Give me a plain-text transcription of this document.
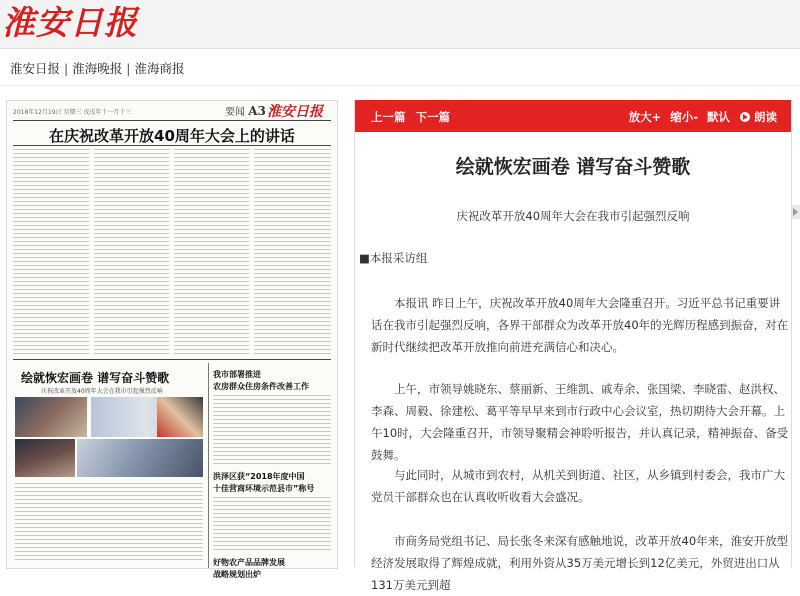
淮安日报
淮安日报 | 淮海晚报 | 淮海商报
2018年12月19日 星期三 戊戌年十一月十三	要闻 A3 淮安日报
在庆祝改革开放40周年大会上的讲话
绘就恢宏画卷 谱写奋斗赞歌
庆祝改革开放40周年大会在我市引起强烈反响
我市部署推进
农房群众住房条件改善工作
洪泽区获“2018年度中国
十佳营商环境示范县市”称号
好物农产品品牌发展
战略规划出炉
上一篇 下一篇	放大+ 缩小- 默认 朗读
绘就恢宏画卷 谱写奋斗赞歌
庆祝改革开放40周年大会在我市引起强烈反响
■本报采访组

本报讯 昨日上午，庆祝改革开放40周年大会隆重召开。习近平总书记重要讲话在我市引起强烈反响，各界干部群众为改革开放40年的光辉历程感到振奋，对在新时代继续把改革开放推向前进充满信心和决心。

上午，市领导姚晓东、蔡丽新、王维凯、戚寿余、张国梁、李晓雷、赵洪权、李森、周毅、徐建松、葛平等早早来到市行政中心会议室，热切期待大会开幕。上午10时，大会隆重召开，市领导聚精会神聆听报告，并认真记录，精神振奋、备受鼓舞。

与此同时，从城市到农村，从机关到街道、社区，从乡镇到村委会，我市广大党员干部群众也在认真收听收看大会盛况。

市商务局党组书记、局长张冬来深有感触地说，改革开放40年来，淮安开放型经济发展取得了辉煌成就，利用外资从35万美元增长到12亿美元，外贸进出口从131万美元到超
